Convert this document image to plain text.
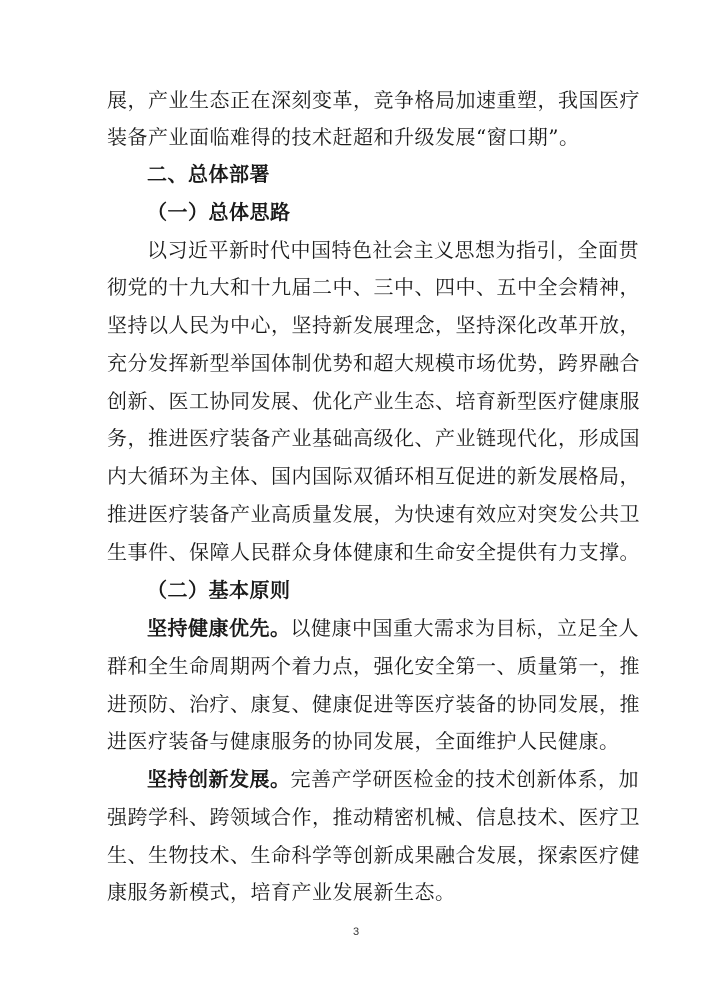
展，产业生态正在深刻变革，竞争格局加速重塑，我国医疗
装备产业面临难得的技术赶超和升级发展“窗口期”。
二、总体部署
（一）总体思路
以习近平新时代中国特色社会主义思想为指引，全面贯
彻党的十九大和十九届二中、三中、四中、五中全会精神，
坚持以人民为中心，坚持新发展理念，坚持深化改革开放，
充分发挥新型举国体制优势和超大规模市场优势，跨界融合
创新、医工协同发展、优化产业生态、培育新型医疗健康服
务，推进医疗装备产业基础高级化、产业链现代化，形成国
内大循环为主体、国内国际双循环相互促进的新发展格局，
推进医疗装备产业高质量发展，为快速有效应对突发公共卫
生事件、保障人民群众身体健康和生命安全提供有力支撑。
（二）基本原则
坚持健康优先。以健康中国重大需求为目标，立足全人
群和全生命周期两个着力点，强化安全第一、质量第一，推
进预防、治疗、康复、健康促进等医疗装备的协同发展，推
进医疗装备与健康服务的协同发展，全面维护人民健康。
坚持创新发展。完善产学研医检金的技术创新体系，加
强跨学科、跨领域合作，推动精密机械、信息技术、医疗卫
生、生物技术、生命科学等创新成果融合发展，探索医疗健
康服务新模式，培育产业发展新生态。
3
